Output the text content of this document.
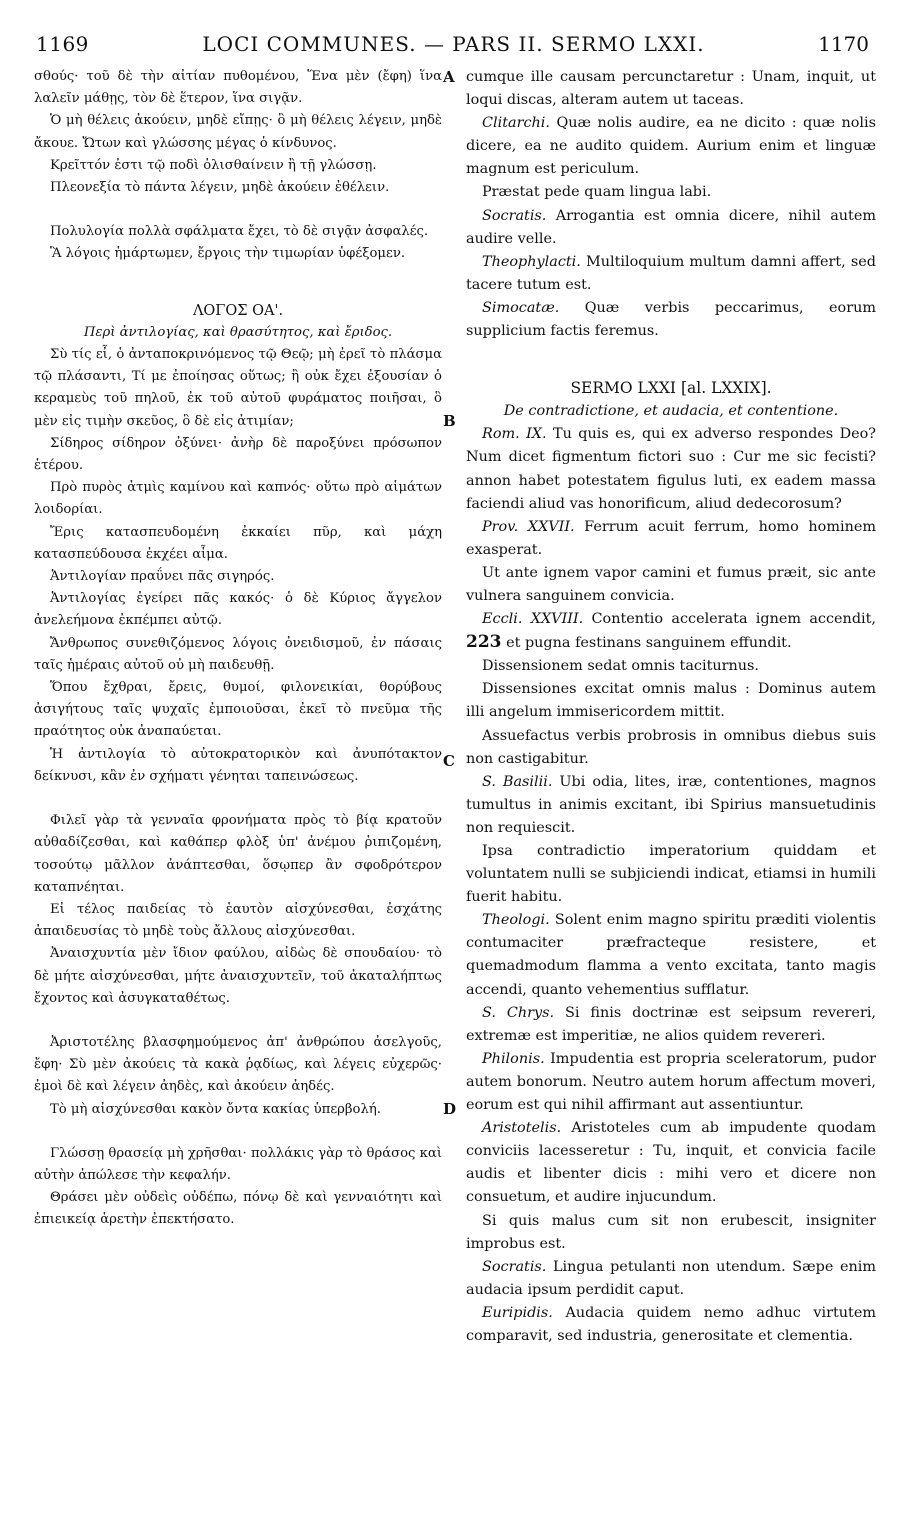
1169	LOCI COMMUNES. — PARS II. SERMO LXXI.	1170
A
B
C
D

σθούς· τοῦ δὲ τὴν αἰτίαν πυθομένου, Ἕνα μὲν (ἔφη) ἵνα λαλεῖν μάθῃς, τὸν δὲ ἕτερον, ἵνα σιγᾷν.

Ὁ μὴ θέλεις ἀκούειν, μηδὲ εἴπῃς· ὃ μὴ θέλεις λέγειν, μηδὲ ἄκουε. Ὤτων καὶ γλώσσης μέγας ὁ κίνδυνος.

Κρεῖττόν ἐστι τῷ ποδὶ ὀλισθαίνειν ἢ τῇ γλώσσῃ.

Πλεονεξία τὸ πάντα λέγειν, μηδὲ ἀκούειν ἐθέλειν.

Πολυλογία πολλὰ σφάλματα ἔχει, τὸ δὲ σιγᾷν ἀσφαλές.

Ἃ λόγοις ἡμάρτωμεν, ἔργοις τὴν τιμωρίαν ὑφέξομεν.

ΛΟΓΟΣ ΟΑ'.

Περὶ ἀντιλογίας, καὶ θρασύτητος, καὶ ἔριδος.

Σὺ τίς εἶ, ὁ ἀνταποκρινόμενος τῷ Θεῷ; μὴ ἐρεῖ τὸ πλάσμα τῷ πλάσαντι, Τί με ἐποίησας οὕτως; ἢ οὐκ ἔχει ἐξουσίαν ὁ κεραμεὺς τοῦ πηλοῦ, ἐκ τοῦ αὐτοῦ φυράματος ποιῆσαι, ὃ μὲν εἰς τιμὴν σκεῦος, ὃ δὲ εἰς ἀτιμίαν;

Σίδηρος σίδηρον ὀξύνει· ἀνὴρ δὲ παροξύνει πρόσωπον ἑτέρου.

Πρὸ πυρὸς ἀτμὶς καμίνου καὶ καπνός· οὕτω πρὸ αἱμάτων λοιδορίαι.

Ἔρις κατασπευδομένη ἐκκαίει πῦρ, καὶ μάχη κατασπεύδουσα ἐκχέει αἷμα.

Ἀντιλογίαν πραΰνει πᾶς σιγηρός.

Ἀντιλογίας ἐγείρει πᾶς κακός· ὁ δὲ Κύριος ἄγγελον ἀνελεήμονα ἐκπέμπει αὐτῷ.

Ἄνθρωπος συνεθιζόμενος λόγοις ὀνειδισμοῦ, ἐν πάσαις ταῖς ἡμέραις αὐτοῦ οὐ μὴ παιδευθῇ.

Ὅπου ἔχθραι, ἔρεις, θυμοί, φιλονεικίαι, θορύβους ἀσιγήτους ταῖς ψυχαῖς ἐμποιοῦσαι, ἐκεῖ τὸ πνεῦμα τῆς πραότητος οὐκ ἀναπαύεται.

Ἡ ἀντιλογία τὸ αὐτοκρατορικὸν καὶ ἀνυπότακτον δείκνυσι, κἂν ἐν σχήματι γένηται ταπεινώσεως.

Φιλεῖ γὰρ τὰ γενναῖα φρονήματα πρὸς τὸ βίᾳ κρατοῦν αὐθαδίζεσθαι, καὶ καθάπερ φλὸξ ὑπ' ἀνέμου ῥιπιζομένη, τοσούτῳ μᾶλλον ἀνάπτεσθαι, ὅσῳπερ ἂν σφοδρότερον καταπνέηται.

Εἰ τέλος παιδείας τὸ ἑαυτὸν αἰσχύνεσθαι, ἐσχάτης ἀπαιδευσίας τὸ μηδὲ τοὺς ἄλλους αἰσχύνεσθαι.

Ἀναισχυντία μὲν ἴδιον φαύλου, αἰδὼς δὲ σπουδαίου· τὸ δὲ μήτε αἰσχύνεσθαι, μήτε ἀναισχυντεῖν, τοῦ ἀκαταλήπτως ἔχοντος καὶ ἀσυγκαταθέτως.

Ἀριστοτέλης βλασφημούμενος ἀπ' ἀνθρώπου ἀσελγοῦς, ἔφη· Σὺ μὲν ἀκούεις τὰ κακὰ ῥᾳδίως, καὶ λέγεις εὐχερῶς· ἐμοὶ δὲ καὶ λέγειν ἀηδὲς, καὶ ἀκούειν ἀηδές.

Τὸ μὴ αἰσχύνεσθαι κακὸν ὄντα κακίας ὑπερβολή.

Γλώσσῃ θρασείᾳ μὴ χρῆσθαι· πολλάκις γὰρ τὸ θράσος καὶ αὐτὴν ἀπώλεσε τὴν κεφαλήν.

Θράσει μὲν οὐδεὶς οὐδέπω, πόνῳ δὲ καὶ γενναιότητι καὶ ἐπιεικείᾳ ἀρετὴν ἐπεκτήσατο.

cumque ille causam percunctaretur : Unam, inquit, ut loqui discas, alteram autem ut taceas.

Clitarchi. Quæ nolis audire, ea ne dicito : quæ nolis dicere, ea ne audito quidem. Aurium enim et linguæ magnum est periculum.

Præstat pede quam lingua labi.

Socratis. Arrogantia est omnia dicere, nihil autem audire velle.

Theophylacti. Multiloquium multum damni affert, sed tacere tutum est.

Simocatæ. Quæ verbis peccarimus, eorum supplicium factis feremus.

SERMO LXXI [al. LXXIX].

De contradictione, et audacia, et contentione.

Rom. IX. Tu quis es, qui ex adverso respondes Deo? Num dicet figmentum fictori suo : Cur me sic fecisti? annon habet potestatem figulus luti, ex eadem massa faciendi aliud vas honorificum, aliud dedecorosum?

Prov. XXVII. Ferrum acuit ferrum, homo hominem exasperat.

Ut ante ignem vapor camini et fumus præit, sic ante vulnera sanguinem convicia.

Eccli. XXVIII. Contentio accelerata ignem accendit, 223 et pugna festinans sanguinem effundit.

Dissensionem sedat omnis taciturnus.

Dissensiones excitat omnis malus : Dominus autem illi angelum immisericordem mittit.

Assuefactus verbis probrosis in omnibus diebus suis non castigabitur.

S. Basilii. Ubi odia, lites, iræ, contentiones, magnos tumultus in animis excitant, ibi Spirius mansuetudinis non requiescit.

Ipsa contradictio imperatorium quiddam et voluntatem nulli se subjiciendi indicat, etiamsi in humili fuerit habitu.

Theologi. Solent enim magno spiritu præditi violentis contumaciter præfracteque resistere, et quemadmodum flamma a vento excitata, tanto magis accendi, quanto vehementius sufflatur.

S. Chrys. Si finis doctrinæ est seipsum revereri, extremæ est imperitiæ, ne alios quidem revereri.

Philonis. Impudentia est propria sceleratorum, pudor autem bonorum. Neutro autem horum affectum moveri, eorum est qui nihil affirmant aut assentiuntur.

Aristotelis. Aristoteles cum ab impudente quodam conviciis lacesseretur : Tu, inquit, et convicia facile audis et libenter dicis : mihi vero et dicere non consuetum, et audire injucundum.

Si quis malus cum sit non erubescit, insigniter improbus est.

Socratis. Lingua petulanti non utendum. Sæpe enim audacia ipsum perdidit caput.

Euripidis. Audacia quidem nemo adhuc virtutem comparavit, sed industria, generositate et clementia.
